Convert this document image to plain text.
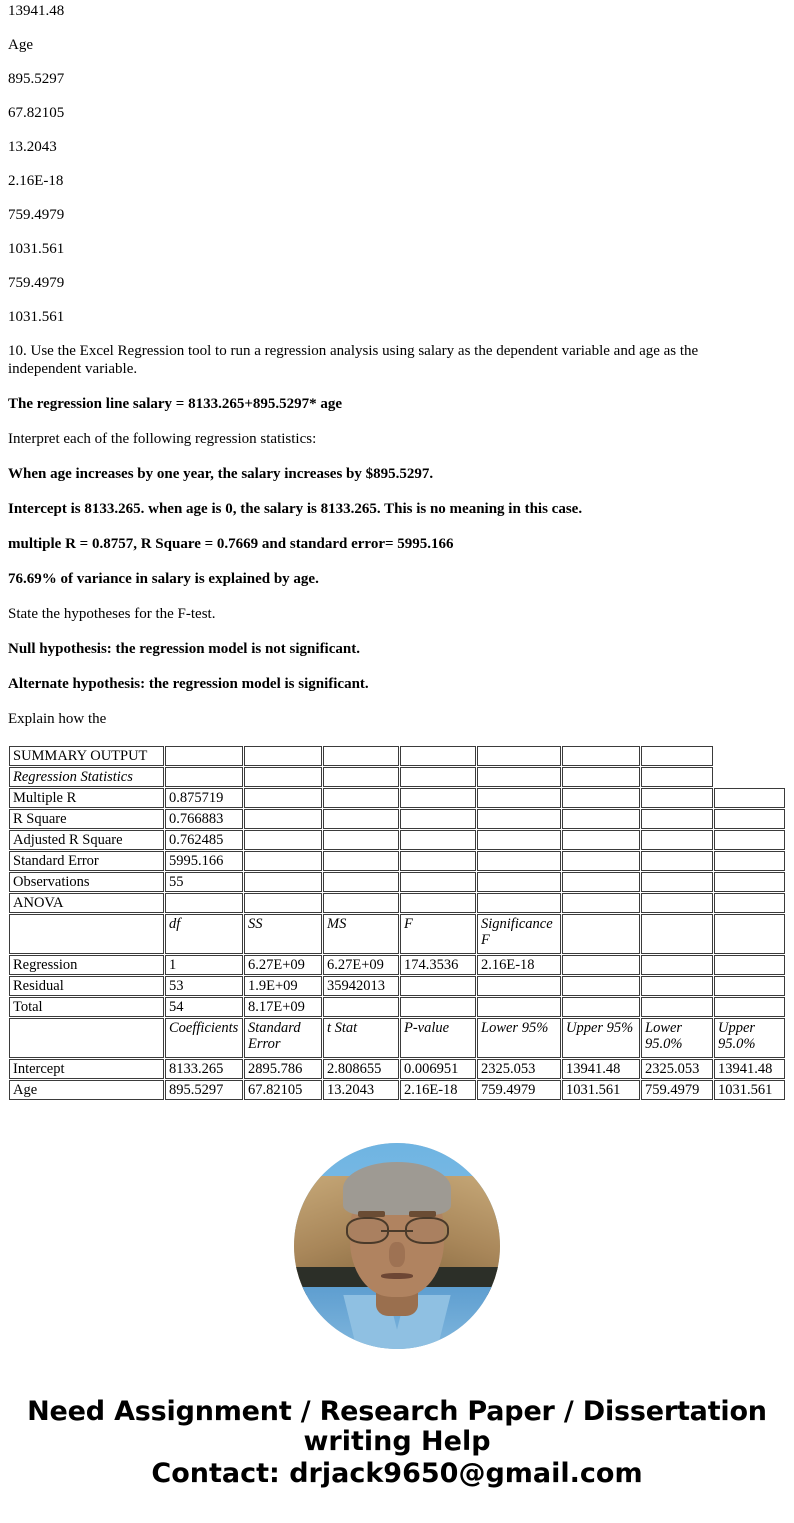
13941.48
Age
895.5297
67.82105
13.2043
2.16E-18
759.4979
1031.561
759.4979
1031.561
10. Use the Excel Regression tool to run a regression analysis using salary as the dependent variable and age as the independent variable.
The regression line salary = 8133.265+895.5297* age
Interpret each of the following regression statistics:
When age increases by one year, the salary increases by $895.5297.
Intercept is 8133.265. when age is 0, the salary is 8133.265. This is no meaning in this case.
multiple R = 0.8757, R Square = 0.7669 and standard error= 5995.166
76.69% of variance in salary is explained by age.
State the hypotheses for the F-test.
Null hypothesis: the regression model is not significant.
Alternate hypothesis: the regression model is significant.
Explain how the
SUMMARY OUTPUT								
Regression Statistics								
Multiple R	0.875719							
R Square	0.766883							
Adjusted R Square	0.762485							
Standard Error	5995.166							
Observations	55							
ANOVA								
	df	SS	MS	F	Significance F			
Regression	1	6.27E+09	6.27E+09	174.3536	2.16E-18			
Residual	53	1.9E+09	35942013					
Total	54	8.17E+09						
	Coefficients	Standard Error	t Stat	P-value	Lower 95%	Upper 95%	Lower 95.0%	Upper 95.0%
Intercept	8133.265	2895.786	2.808655	0.006951	2325.053	13941.48	2325.053	13941.48
Age	895.5297	67.82105	13.2043	2.16E-18	759.4979	1031.561	759.4979	1031.561
Need Assignment / Research Paper / Dissertation
writing Help
Contact: drjack9650@gmail.com
